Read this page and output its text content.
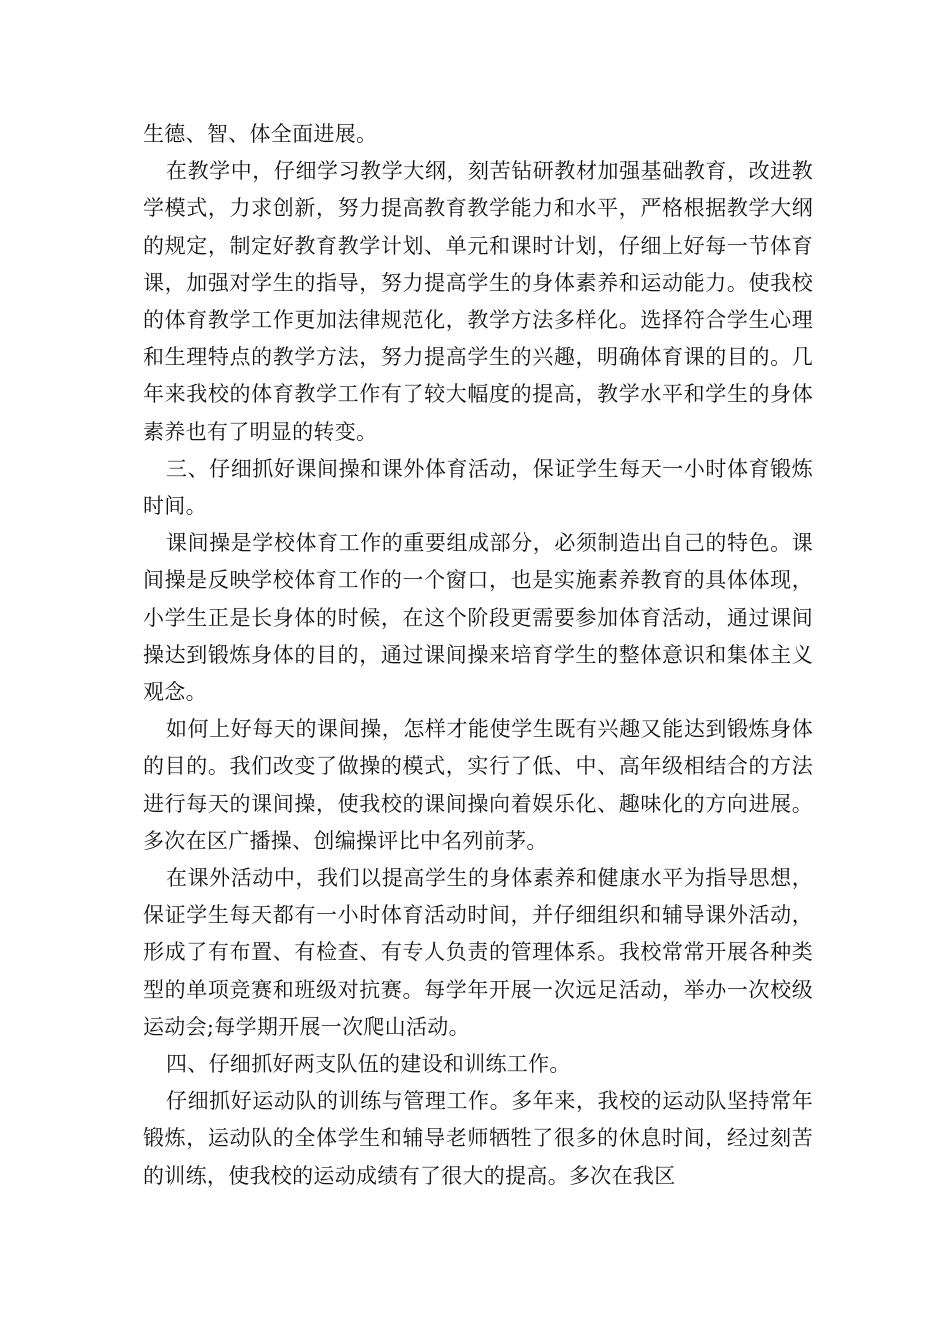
生德、智、体全面进展。

在教学中，仔细学习教学大纲，刻苦钻研教材加强基础教育，改进教学模式，力求创新，努力提高教育教学能力和水平，严格根据教学大纲的规定，制定好教育教学计划、单元和课时计划，仔细上好每一节体育课，加强对学生的指导，努力提高学生的身体素养和运动能力。使我校的体育教学工作更加法律规范化，教学方法多样化。选择符合学生心理和生理特点的教学方法，努力提高学生的兴趣，明确体育课的目的。几年来我校的体育教学工作有了较大幅度的提高，教学水平和学生的身体素养也有了明显的转变。

三、仔细抓好课间操和课外体育活动，保证学生每天一小时体育锻炼时间。

课间操是学校体育工作的重要组成部分，必须制造出自己的特色。课间操是反映学校体育工作的一个窗口，也是实施素养教育的具体体现，小学生正是长身体的时候，在这个阶段更需要参加体育活动，通过课间操达到锻炼身体的目的，通过课间操来培育学生的整体意识和集体主义观念。

如何上好每天的课间操，怎样才能使学生既有兴趣又能达到锻炼身体的目的。我们改变了做操的模式，实行了低、中、高年级相结合的方法进行每天的课间操，使我校的课间操向着娱乐化、趣味化的方向进展。多次在区广播操、创编操评比中名列前茅。

在课外活动中，我们以提高学生的身体素养和健康水平为指导思想，保证学生每天都有一小时体育活动时间，并仔细组织和辅导课外活动，形成了有布置、有检查、有专人负责的管理体系。我校常常开展各种类型的单项竞赛和班级对抗赛。每学年开展一次远足活动，举办一次校级运动会;每学期开展一次爬山活动。

四、仔细抓好两支队伍的建设和训练工作。

仔细抓好运动队的训练与管理工作。多年来，我校的运动队坚持常年锻炼，运动队的全体学生和辅导老师牺牲了很多的休息时间，经过刻苦的训练，使我校的运动成绩有了很大的提高。多次在我区
